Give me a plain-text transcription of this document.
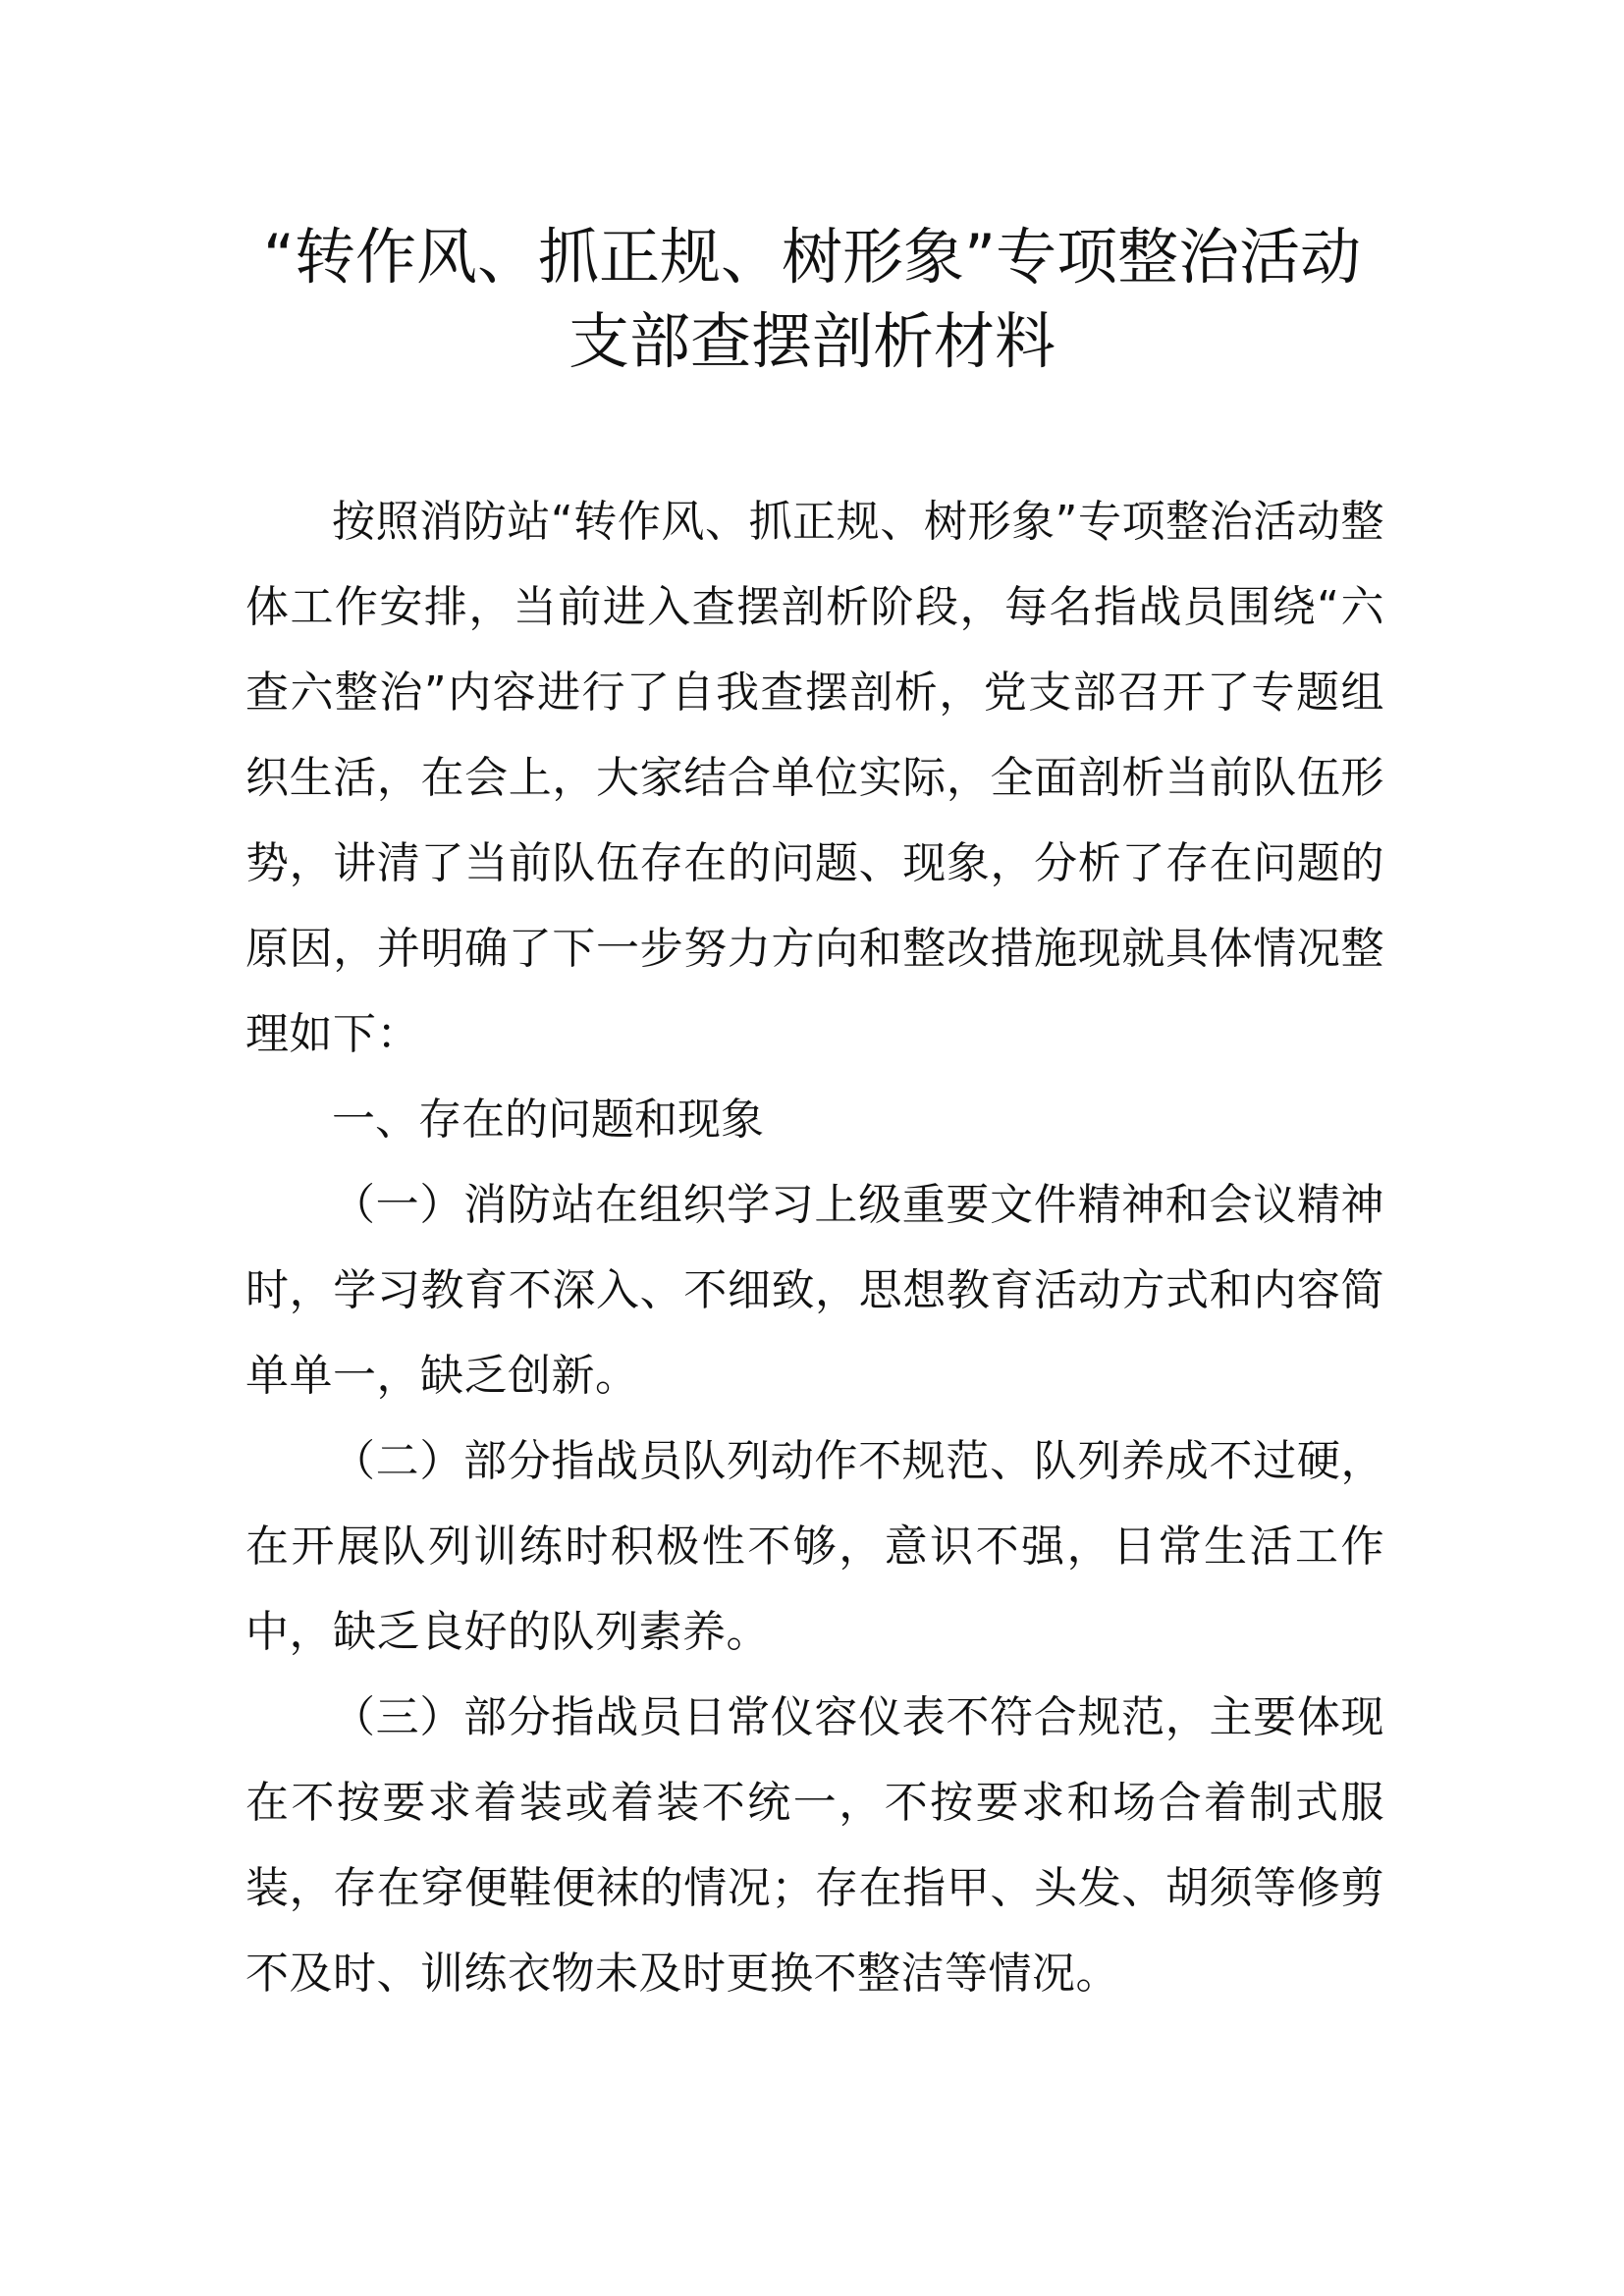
“转作风、抓正规、树形象”专项整治活动
支部查摆剖析材料

按照消防站“转作风、抓正规、树形象”专项整治活动整体工作安排，当前进入查摆剖析阶段，每名指战员围绕“六查六整治”内容进行了自我查摆剖析，党支部召开了专题组织生活，在会上，大家结合单位实际，全面剖析当前队伍形势，讲清了当前队伍存在的问题、现象，分析了存在问题的原因，并明确了下一步努力方向和整改措施现就具体情况整理如下：

一、存在的问题和现象

（一）消防站在组织学习上级重要文件精神和会议精神时，学习教育不深入、不细致，思想教育活动方式和内容简单单一，缺乏创新。

（二）部分指战员队列动作不规范、队列养成不过硬，在开展队列训练时积极性不够，意识不强，日常生活工作中，缺乏良好的队列素养。

（三）部分指战员日常仪容仪表不符合规范，主要体现在不按要求着装或着装不统一，不按要求和场合着制式服装，存在穿便鞋便袜的情况；存在指甲、头发、胡须等修剪不及时、训练衣物未及时更换不整洁等情况。
